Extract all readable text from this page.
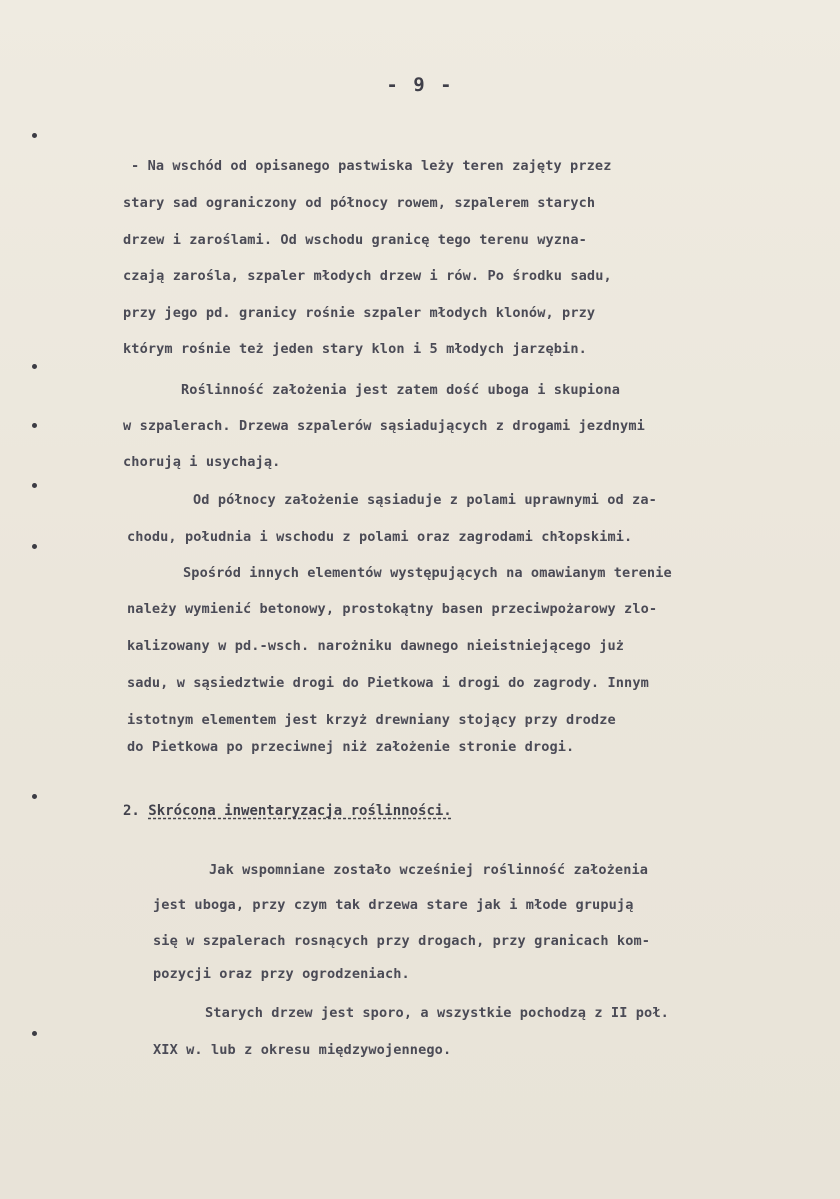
- 9 -
- Na wschód od opisanego pastwiska leży teren zajęty przez
stary sad ograniczony od północy rowem, szpalerem starych
drzew i zaroślami. Od wschodu granicę tego terenu wyzna-
czają zarośla, szpaler młodych drzew i rów. Po środku sadu,
przy jego pd. granicy rośnie szpaler młodych klonów, przy
którym rośnie też jeden stary klon i 5 młodych jarzębin.
Roślinność założenia jest zatem dość uboga i skupiona
w szpalerach. Drzewa szpalerów sąsiadujących z drogami jezdnymi
chorują i usychają.
Od północy założenie sąsiaduje z polami uprawnymi od za-
chodu, południa i wschodu z polami oraz zagrodami chłopskimi.
Spośród innych elementów występujących na omawianym terenie
należy wymienić betonowy, prostokątny basen przeciwpożarowy zlo-
kalizowany w pd.-wsch. narożniku dawnego nieistniejącego już
sadu, w sąsiedztwie drogi do Pietkowa i drogi do zagrody. Innym
istotnym elementem jest krzyż drewniany stojący przy drodze
do Pietkowa po przeciwnej niż założenie stronie drogi.
2. Skrócona inwentaryzacja roślinności.
Jak wspomniane zostało wcześniej roślinność założenia
jest uboga, przy czym tak drzewa stare jak i młode grupują
się w szpalerach rosnących przy drogach, przy granicach kom-
pozycji oraz przy ogrodzeniach.
Starych drzew jest sporo, a wszystkie pochodzą z II poł.
XIX w. lub z okresu międzywojennego.
